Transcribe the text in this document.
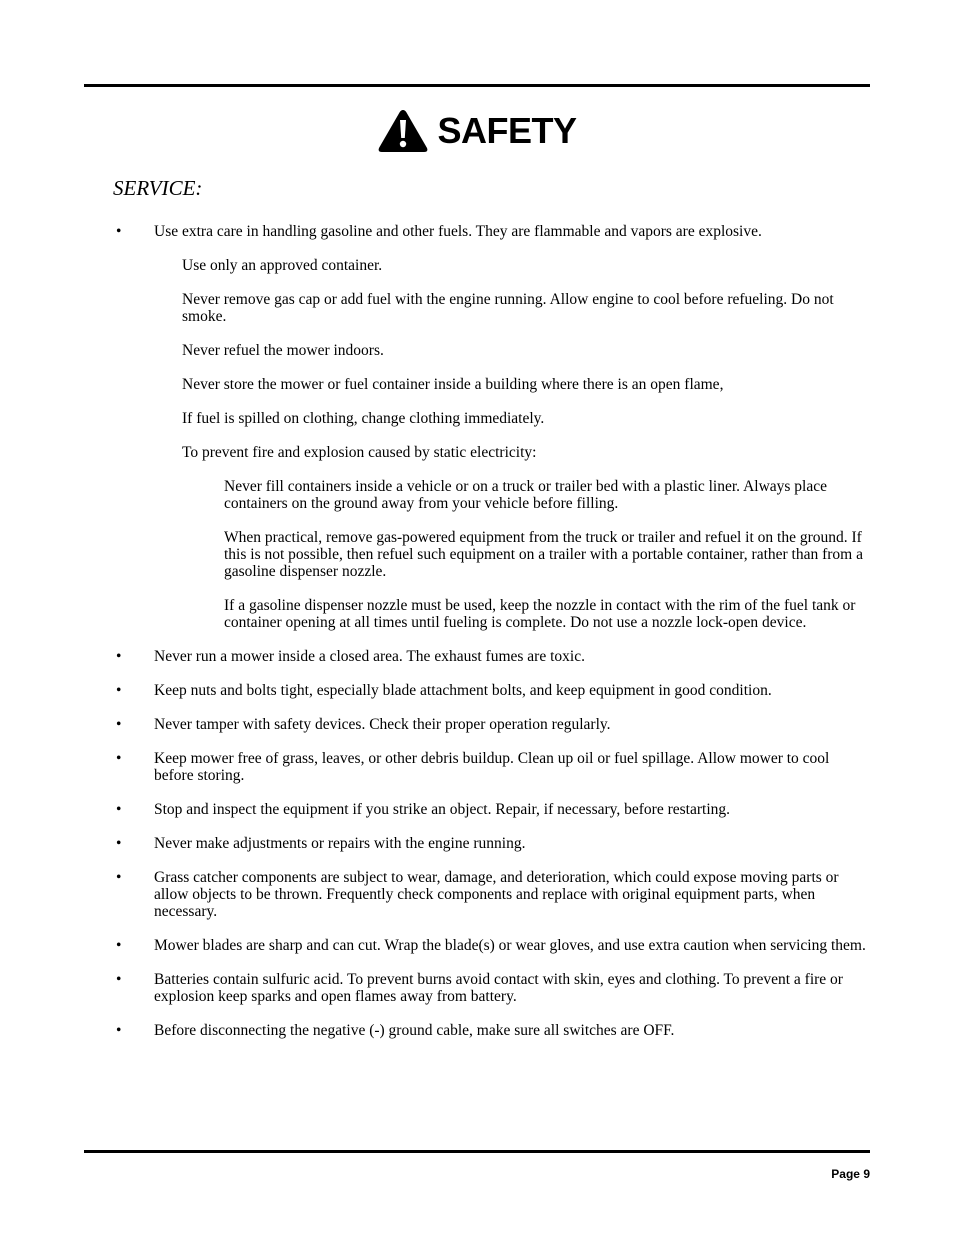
SAFETY
SERVICE:
• Use extra care in handling gasoline and other fuels. They are flammable and vapors are explosive.
Use only an approved container.
Never remove gas cap or add fuel with the engine running. Allow engine to cool before refueling. Do not smoke.
Never refuel the mower indoors.
Never store the mower or fuel container inside a building where there is an open flame,
If fuel is spilled on clothing, change clothing immediately.
To prevent fire and explosion caused by static electricity:
Never fill containers inside a vehicle or on a truck or trailer bed with a plastic liner. Always place containers on the ground away from your vehicle before filling.
When practical, remove gas-powered equipment from the truck or trailer and refuel it on the ground. If this is not possible, then refuel such equipment on a trailer with a portable container, rather than from a gasoline dispenser nozzle.
If a gasoline dispenser nozzle must be used, keep the nozzle in contact with the rim of the fuel tank or container opening at all times until fueling is complete. Do not use a nozzle lock-open device.
• Never run a mower inside a closed area. The exhaust fumes are toxic.
• Keep nuts and bolts tight, especially blade attachment bolts, and keep equipment in good condition.
• Never tamper with safety devices. Check their proper operation regularly.
• Keep mower free of grass, leaves, or other debris buildup. Clean up oil or fuel spillage. Allow mower to cool before storing.
• Stop and inspect the equipment if you strike an object. Repair, if necessary, before restarting.
• Never make adjustments or repairs with the engine running.
• Grass catcher components are subject to wear, damage, and deterioration, which could expose moving parts or allow objects to be thrown. Frequently check components and replace with original equipment parts, when necessary.
• Mower blades are sharp and can cut. Wrap the blade(s) or wear gloves, and use extra caution when servicing them.
• Batteries contain sulfuric acid. To prevent burns avoid contact with skin, eyes and clothing. To prevent a fire or explosion keep sparks and open flames away from battery.
• Before disconnecting the negative (-) ground cable, make sure all switches are OFF.
Page 9
